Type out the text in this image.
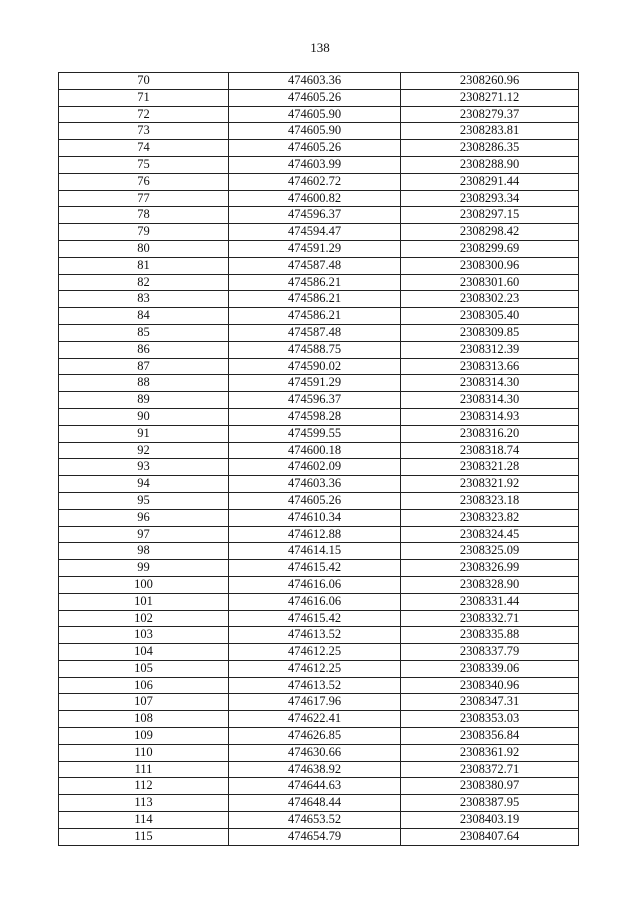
138
70	474603.36	2308260.96
71	474605.26	2308271.12
72	474605.90	2308279.37
73	474605.90	2308283.81
74	474605.26	2308286.35
75	474603.99	2308288.90
76	474602.72	2308291.44
77	474600.82	2308293.34
78	474596.37	2308297.15
79	474594.47	2308298.42
80	474591.29	2308299.69
81	474587.48	2308300.96
82	474586.21	2308301.60
83	474586.21	2308302.23
84	474586.21	2308305.40
85	474587.48	2308309.85
86	474588.75	2308312.39
87	474590.02	2308313.66
88	474591.29	2308314.30
89	474596.37	2308314.30
90	474598.28	2308314.93
91	474599.55	2308316.20
92	474600.18	2308318.74
93	474602.09	2308321.28
94	474603.36	2308321.92
95	474605.26	2308323.18
96	474610.34	2308323.82
97	474612.88	2308324.45
98	474614.15	2308325.09
99	474615.42	2308326.99
100	474616.06	2308328.90
101	474616.06	2308331.44
102	474615.42	2308332.71
103	474613.52	2308335.88
104	474612.25	2308337.79
105	474612.25	2308339.06
106	474613.52	2308340.96
107	474617.96	2308347.31
108	474622.41	2308353.03
109	474626.85	2308356.84
110	474630.66	2308361.92
111	474638.92	2308372.71
112	474644.63	2308380.97
113	474648.44	2308387.95
114	474653.52	2308403.19
115	474654.79	2308407.64
